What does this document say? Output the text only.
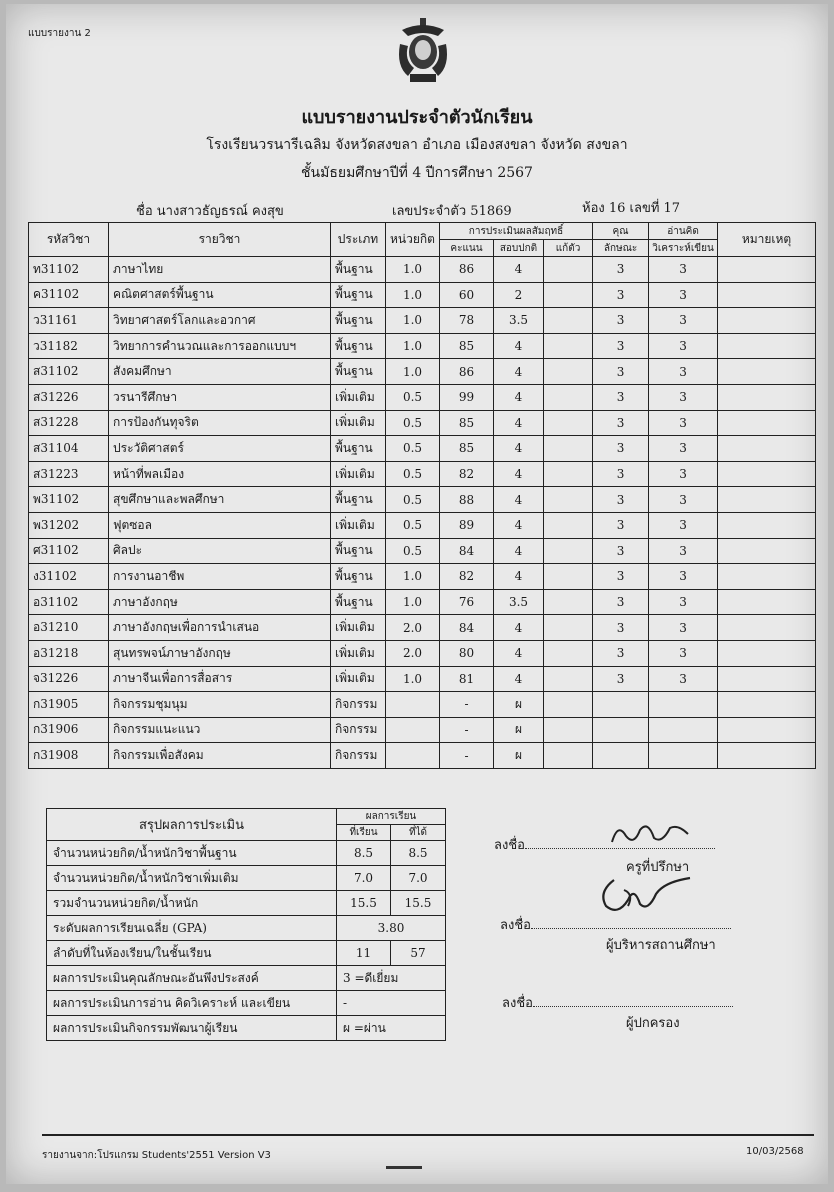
แบบรายงาน 2
แบบรายงานประจำตัวนักเรียน
โรงเรียนวรนารีเฉลิม จังหวัดสงขลา อำเภอ เมืองสงขลา จังหวัด สงขลา
ชั้นมัธยมศึกษาปีที่ 4 ปีการศึกษา 2567
ชื่อ นางสาวธัญธรณ์ คงสุข	เลขประจำตัว 51869	ห้อง 16 เลขที่ 17
รหัสวิชา	รายวิชา	ประเภท	หน่วยกิต	การประเมินผลสัมฤทธิ์			คุณ	อ่านคิด	หมายเหตุ
				คะแนน	สอบปกติ	แก้ตัว	ลักษณะ	วิเคราะห์เขียน	
ท31102	ภาษาไทย	พื้นฐาน	1.0	86	4		3	3	
ค31102	คณิตศาสตร์พื้นฐาน	พื้นฐาน	1.0	60	2		3	3	
ว31161	วิทยาศาสตร์โลกและอวกาศ	พื้นฐาน	1.0	78	3.5		3	3	
ว31182	วิทยาการคำนวณและการออกแบบฯ	พื้นฐาน	1.0	85	4		3	3	
ส31102	สังคมศึกษา	พื้นฐาน	1.0	86	4		3	3	
ส31226	วรนารีศึกษา	เพิ่มเติม	0.5	99	4		3	3	
ส31228	การป้องกันทุจริต	เพิ่มเติม	0.5	85	4		3	3	
ส31104	ประวัติศาสตร์	พื้นฐาน	0.5	85	4		3	3	
ส31223	หน้าที่พลเมือง	เพิ่มเติม	0.5	82	4		3	3	
พ31102	สุขศึกษาและพลศึกษา	พื้นฐาน	0.5	88	4		3	3	
พ31202	ฟุตซอล	เพิ่มเติม	0.5	89	4		3	3	
ศ31102	ศิลปะ	พื้นฐาน	0.5	84	4		3	3	
ง31102	การงานอาชีพ	พื้นฐาน	1.0	82	4		3	3	
อ31102	ภาษาอังกฤษ	พื้นฐาน	1.0	76	3.5		3	3	
อ31210	ภาษาอังกฤษเพื่อการนำเสนอ	เพิ่มเติม	2.0	84	4		3	3	
อ31218	สุนทรพจน์ภาษาอังกฤษ	เพิ่มเติม	2.0	80	4		3	3	
จ31226	ภาษาจีนเพื่อการสื่อสาร	เพิ่มเติม	1.0	81	4		3	3	
ก31905	กิจกรรมชุมนุม	กิจกรรม		-	ผ				
ก31906	กิจกรรมแนะแนว	กิจกรรม		-	ผ				
ก31908	กิจกรรมเพื่อสังคม	กิจกรรม		-	ผ				
สรุปผลการประเมิน	ผลการเรียน	
	ที่เรียน	ที่ได้
จำนวนหน่วยกิต/น้ำหนักวิชาพื้นฐาน	8.5	8.5
จำนวนหน่วยกิต/น้ำหนักวิชาเพิ่มเติม	7.0	7.0
รวมจำนวนหน่วยกิต/น้ำหนัก	15.5	15.5
ระดับผลการเรียนเฉลี่ย (GPA)	3.80	
ลำดับที่ในห้องเรียน/ในชั้นเรียน	11	57
ผลการประเมินคุณลักษณะอันพึงประสงค์	3 =ดีเยี่ยม	
ผลการประเมินการอ่าน คิดวิเคราะห์ และเขียน	-	
ผลการประเมินกิจกรรมพัฒนาผู้เรียน	ผ =ผ่าน	
ลงชื่อ
ครูที่ปรึกษา
ลงชื่อ
ผู้บริหารสถานศึกษา
ลงชื่อ
ผู้ปกครอง
รายงานจาก:โปรแกรม Students'2551 Version V3	10/03/2568
